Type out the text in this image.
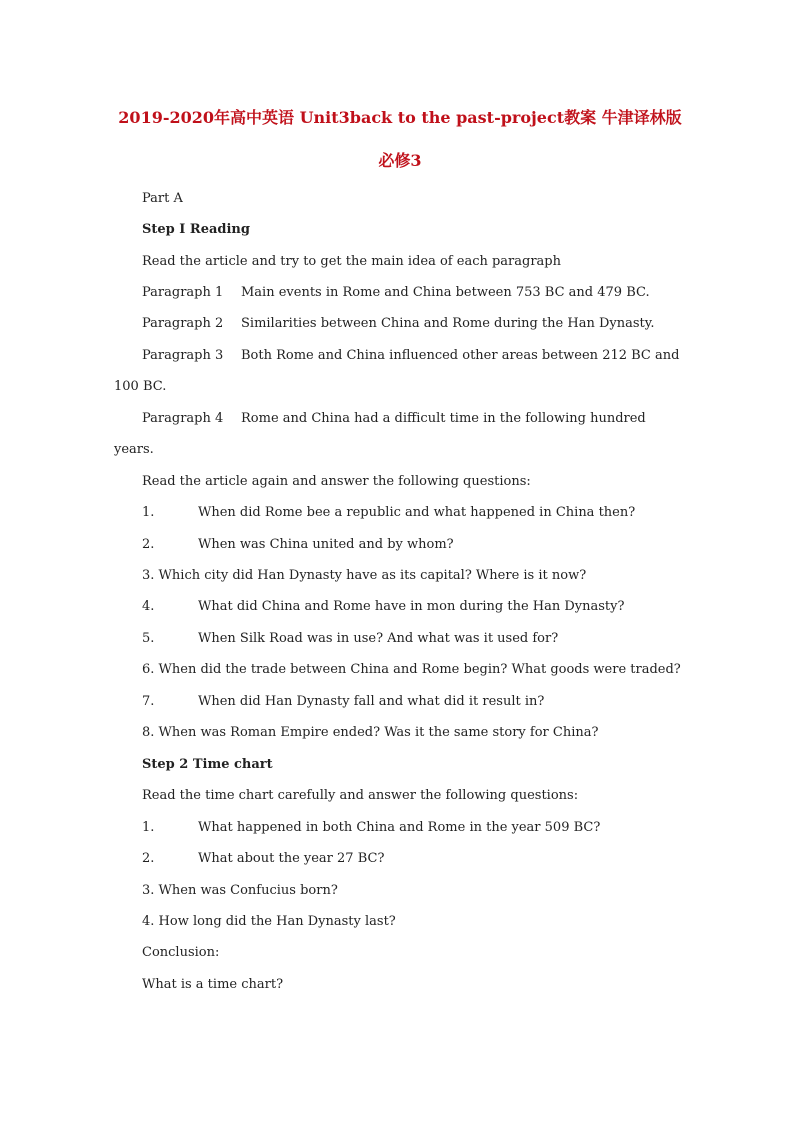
2019-2020年高中英语 Unit3back to the past-project教案 牛津译林版
必修3
Part A
Step I Reading
Read the article and try to get the main idea of each paragraph
Paragraph 1 Main events in Rome and China between 753 BC and 479 BC.
Paragraph 2 Similarities between China and Rome during the Han Dynasty.
Paragraph 3 Both Rome and China influenced other areas between 212 BC and
100 BC.
Paragraph 4 Rome and China had a difficult time in the following hundred
years.
Read the article again and answer the following questions:
1.	When did Rome bee a republic and what happened in China then?
2.	When was China united and by whom?
3. Which city did Han Dynasty have as its capital? Where is it now?
4.	What did China and Rome have in mon during the Han Dynasty?
5.	When Silk Road was in use? And what was it used for?
6. When did the trade between China and Rome begin? What goods were traded?
7.	When did Han Dynasty fall and what did it result in?
8. When was Roman Empire ended? Was it the same story for China?
Step 2 Time chart
Read the time chart carefully and answer the following questions:
1.	What happened in both China and Rome in the year 509 BC?
2.	What about the year 27 BC?
3. When was Confucius born?
4. How long did the Han Dynasty last?
Conclusion:
What is a time chart?
